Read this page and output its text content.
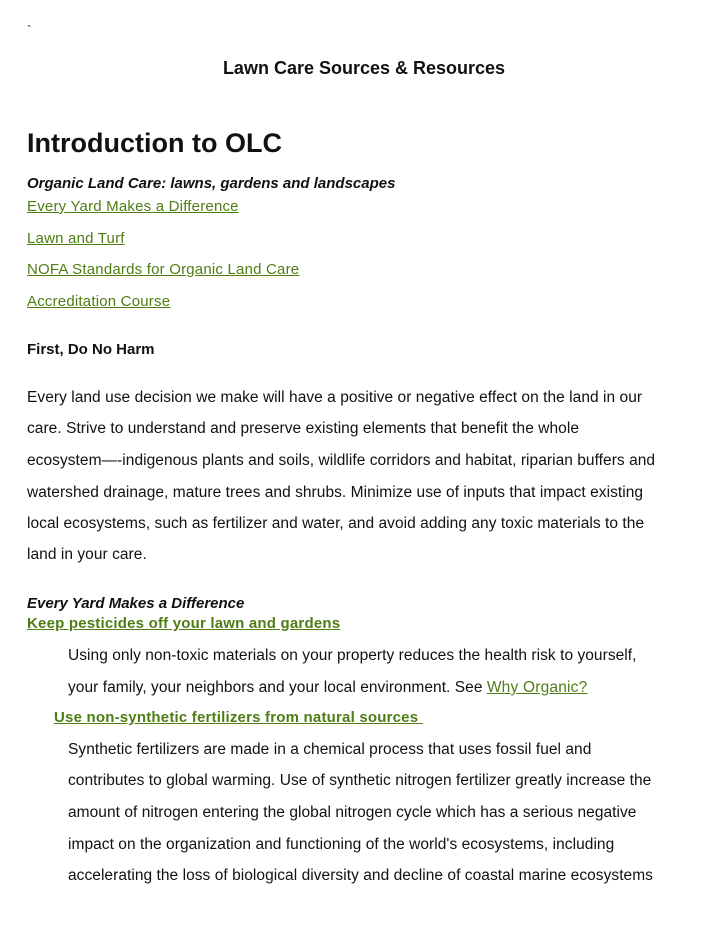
`
Lawn Care Sources & Resources
Introduction to OLC
Organic Land Care: lawns, gardens and landscapes
Every Yard Makes a Difference
Lawn and Turf
NOFA Standards for Organic Land Care
Accreditation Course
First, Do No Harm
Every land use decision we make will have a positive or negative effect on the land in our
care. Strive to understand and preserve existing elements that benefit the whole
ecosystem—-indigenous plants and soils, wildlife corridors and habitat, riparian buffers and
watershed drainage, mature trees and shrubs. Minimize use of inputs that impact existing
local ecosystems, such as fertilizer and water, and avoid adding any toxic materials to the
land in your care.
Every Yard Makes a Difference
Keep pesticides off your lawn and gardens
Using only non-toxic materials on your property reduces the health risk to yourself,
your family, your neighbors and your local environment. See Why Organic?
Use non-synthetic fertilizers from natural sources
Synthetic fertilizers are made in a chemical process that uses fossil fuel and
contributes to global warming. Use of synthetic nitrogen fertilizer greatly increase the
amount of nitrogen entering the global nitrogen cycle which has a serious negative
impact on the organization and functioning of the world's ecosystems, including
accelerating the loss of biological diversity and decline of coastal marine ecosystems
